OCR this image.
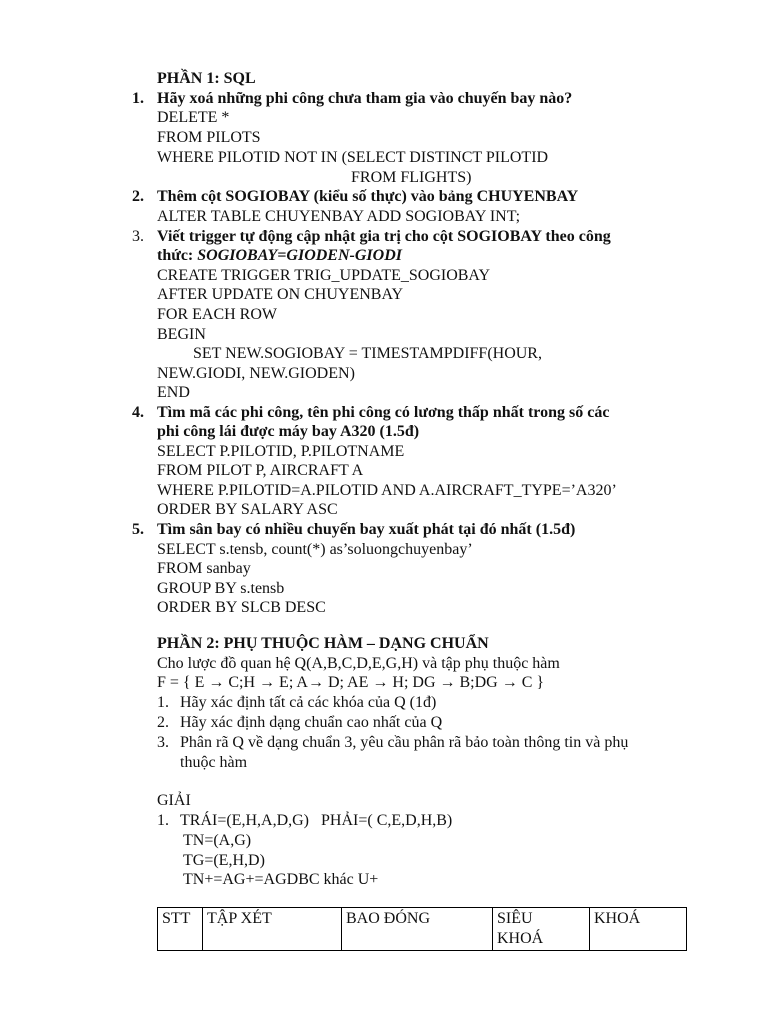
PHẦN 1: SQL
1. Hãy xoá những phi công chưa tham gia vào chuyến bay nào?
DELETE *
FROM PILOTS
WHERE PILOTID NOT IN (SELECT DISTINCT PILOTID
FROM FLIGHTS)
2. Thêm cột SOGIOBAY (kiểu số thực) vào bảng CHUYENBAY
ALTER TABLE CHUYENBAY ADD SOGIOBAY INT;
3. Viết trigger tự động cập nhật gia trị cho cột SOGIOBAY theo công
thức: SOGIOBAY=GIODEN-GIODI
CREATE TRIGGER TRIG_UPDATE_SOGIOBAY
AFTER UPDATE ON CHUYENBAY
FOR EACH ROW
BEGIN
SET NEW.SOGIOBAY = TIMESTAMPDIFF(HOUR,
NEW.GIODI, NEW.GIODEN)
END
4. Tìm mã các phi công, tên phi công có lương thấp nhất trong số các
phi công lái được máy bay A320 (1.5đ)
SELECT P.PILOTID, P.PILOTNAME
FROM PILOT P, AIRCRAFT A
WHERE P.PILOTID=A.PILOTID AND A.AIRCRAFT_TYPE=’A320’
ORDER BY SALARY ASC
5. Tìm sân bay có nhiều chuyến bay xuất phát tại đó nhất (1.5đ)
SELECT s.tensb, count(*) as’soluongchuyenbay’
FROM sanbay
GROUP BY s.tensb
ORDER BY SLCB DESC
PHẦN 2: PHỤ THUỘC HÀM – DẠNG CHUẨN
Cho lược đồ quan hệ Q(A,B,C,D,E,G,H) và tập phụ thuộc hàm
F = { E → C;H → E; A→ D; AE → H; DG → B;DG → C }
1. Hãy xác định tất cả các khóa của Q (1đ)
2. Hãy xác định dạng chuẩn cao nhất của Q
3. Phân rã Q về dạng chuẩn 3, yêu cầu phân rã bảo toàn thông tin và phụ
thuộc hàm
GIẢI
1. TRÁI=(E,H,A,D,G)   PHẢI=( C,E,D,H,B)
TN=(A,G)
TG=(E,H,D)
TN+=AG+=AGDBC khác U+
STT	TẬP XÉT	BAO ĐÓNG	SIÊU KHOÁ	KHOÁ
